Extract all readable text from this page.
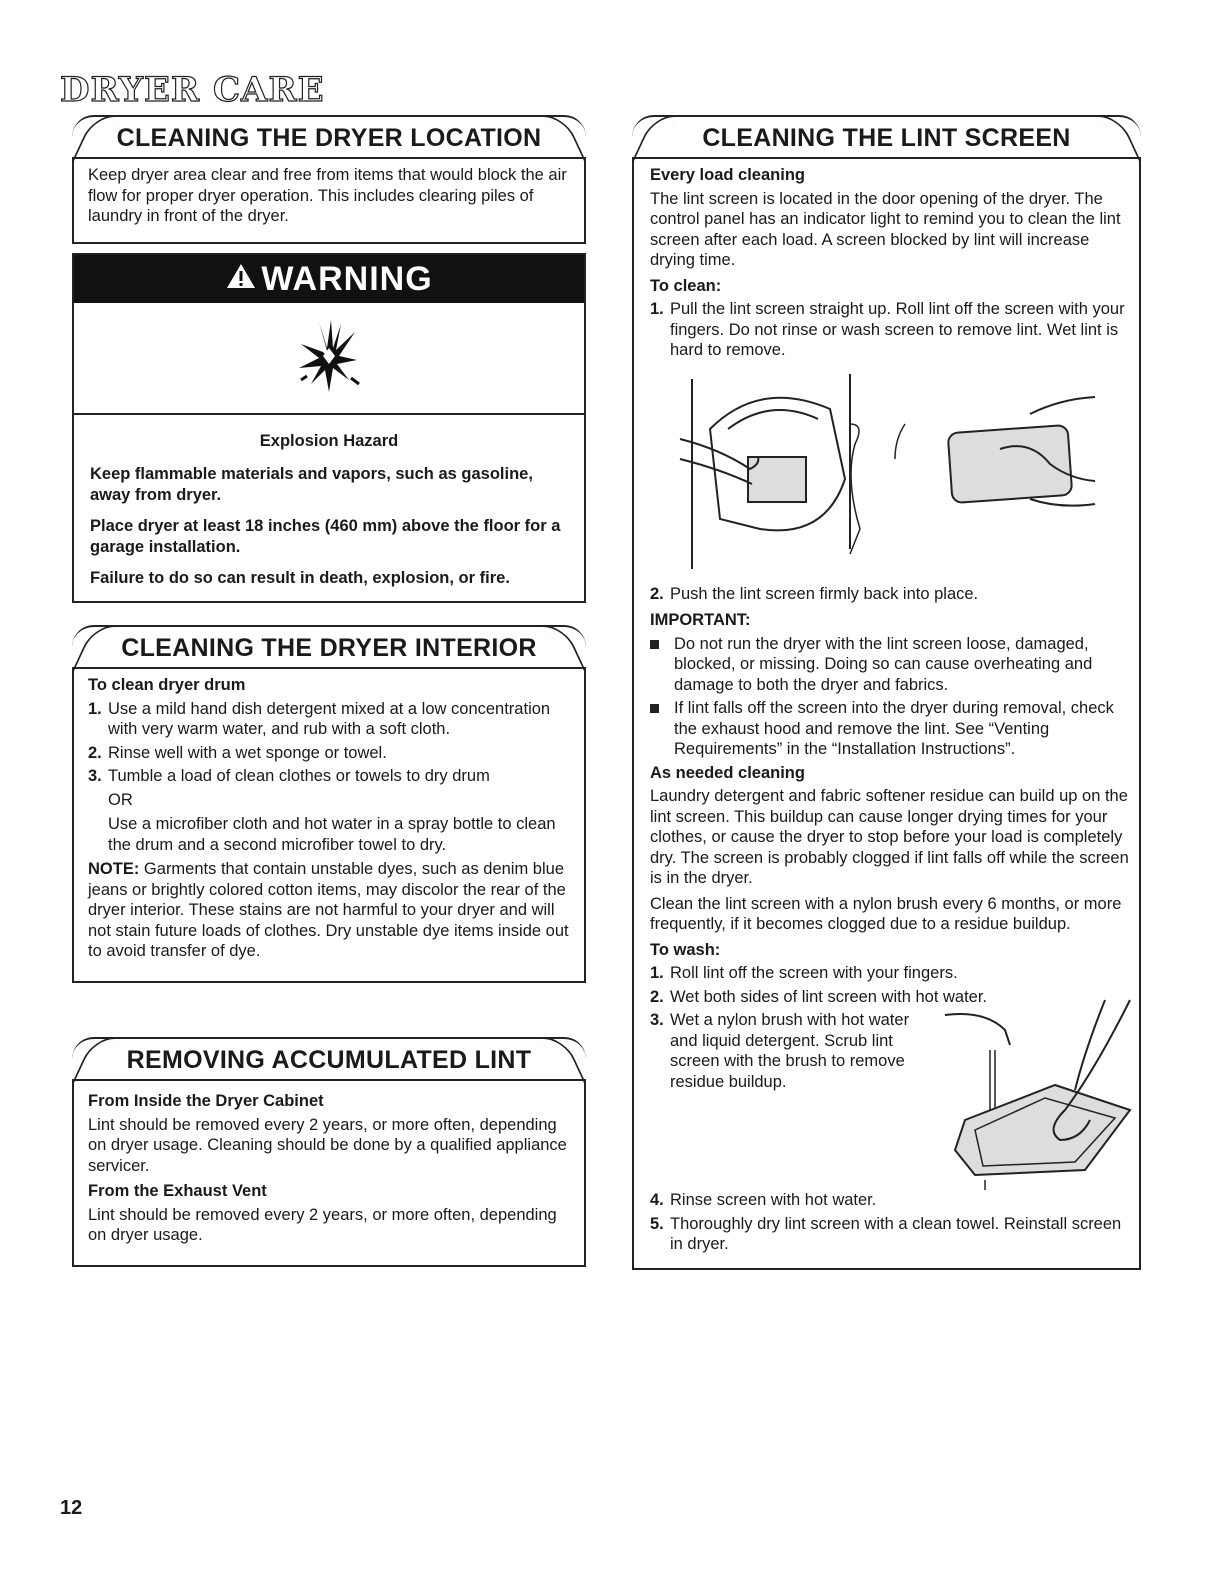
DRYER CARE
CLEANING THE DRYER LOCATION

Keep dryer area clear and free from items that would block the air flow for proper dryer operation. This includes clearing piles of laundry in front of the dryer.

WARNING

Explosion Hazard

Keep flammable materials and vapors, such as gasoline, away from dryer.

Place dryer at least 18 inches (460 mm) above the floor for a garage installation.

Failure to do so can result in death, explosion, or fire.

CLEANING THE DRYER INTERIOR
To clean dryer drum
1. Use a mild hand dish detergent mixed at a low concentration with very warm water, and rub with a soft cloth.
2. Rinse well with a wet sponge or towel.
3. Tumble a load of clean clothes or towels to dry drum
OR
Use a microfiber cloth and hot water in a spray bottle to clean the drum and a second microfiber towel to dry.

NOTE: Garments that contain unstable dyes, such as denim blue jeans or brightly colored cotton items, may discolor the rear of the dryer interior. These stains are not harmful to your dryer and will not stain future loads of clothes. Dry unstable dye items inside out to avoid transfer of dye.

REMOVING ACCUMULATED LINT
From Inside the Dryer Cabinet

Lint should be removed every 2 years, or more often, depending on dryer usage. Cleaning should be done by a qualified appliance servicer.

From the Exhaust Vent

Lint should be removed every 2 years, or more often, depending on dryer usage.

CLEANING THE LINT SCREEN
Every load cleaning

The lint screen is located in the door opening of the dryer. The control panel has an indicator light to remind you to clean the lint screen after each load. A screen blocked by lint will increase drying time.

To clean:
1. Pull the lint screen straight up. Roll lint off the screen with your fingers. Do not rinse or wash screen to remove lint. Wet lint is hard to remove.
2. Push the lint screen firmly back into place.
IMPORTANT:
Do not run the dryer with the lint screen loose, damaged, blocked, or missing. Doing so can cause overheating and damage to both the dryer and fabrics.
If lint falls off the screen into the dryer during removal, check the exhaust hood and remove the lint. See “Venting Requirements” in the “Installation Instructions”.
As needed cleaning

Laundry detergent and fabric softener residue can build up on the lint screen. This buildup can cause longer drying times for your clothes, or cause the dryer to stop before your load is completely dry. The screen is probably clogged if lint falls off while the screen is in the dryer.

Clean the lint screen with a nylon brush every 6 months, or more frequently, if it becomes clogged due to a residue buildup.

To wash:
1. Roll lint off the screen with your fingers.
2. Wet both sides of lint screen with hot water.
3. Wet a nylon brush with hot water and liquid detergent. Scrub lint screen with the brush to remove residue buildup.
4. Rinse screen with hot water.
5. Thoroughly dry lint screen with a clean towel. Reinstall screen in dryer.
12
